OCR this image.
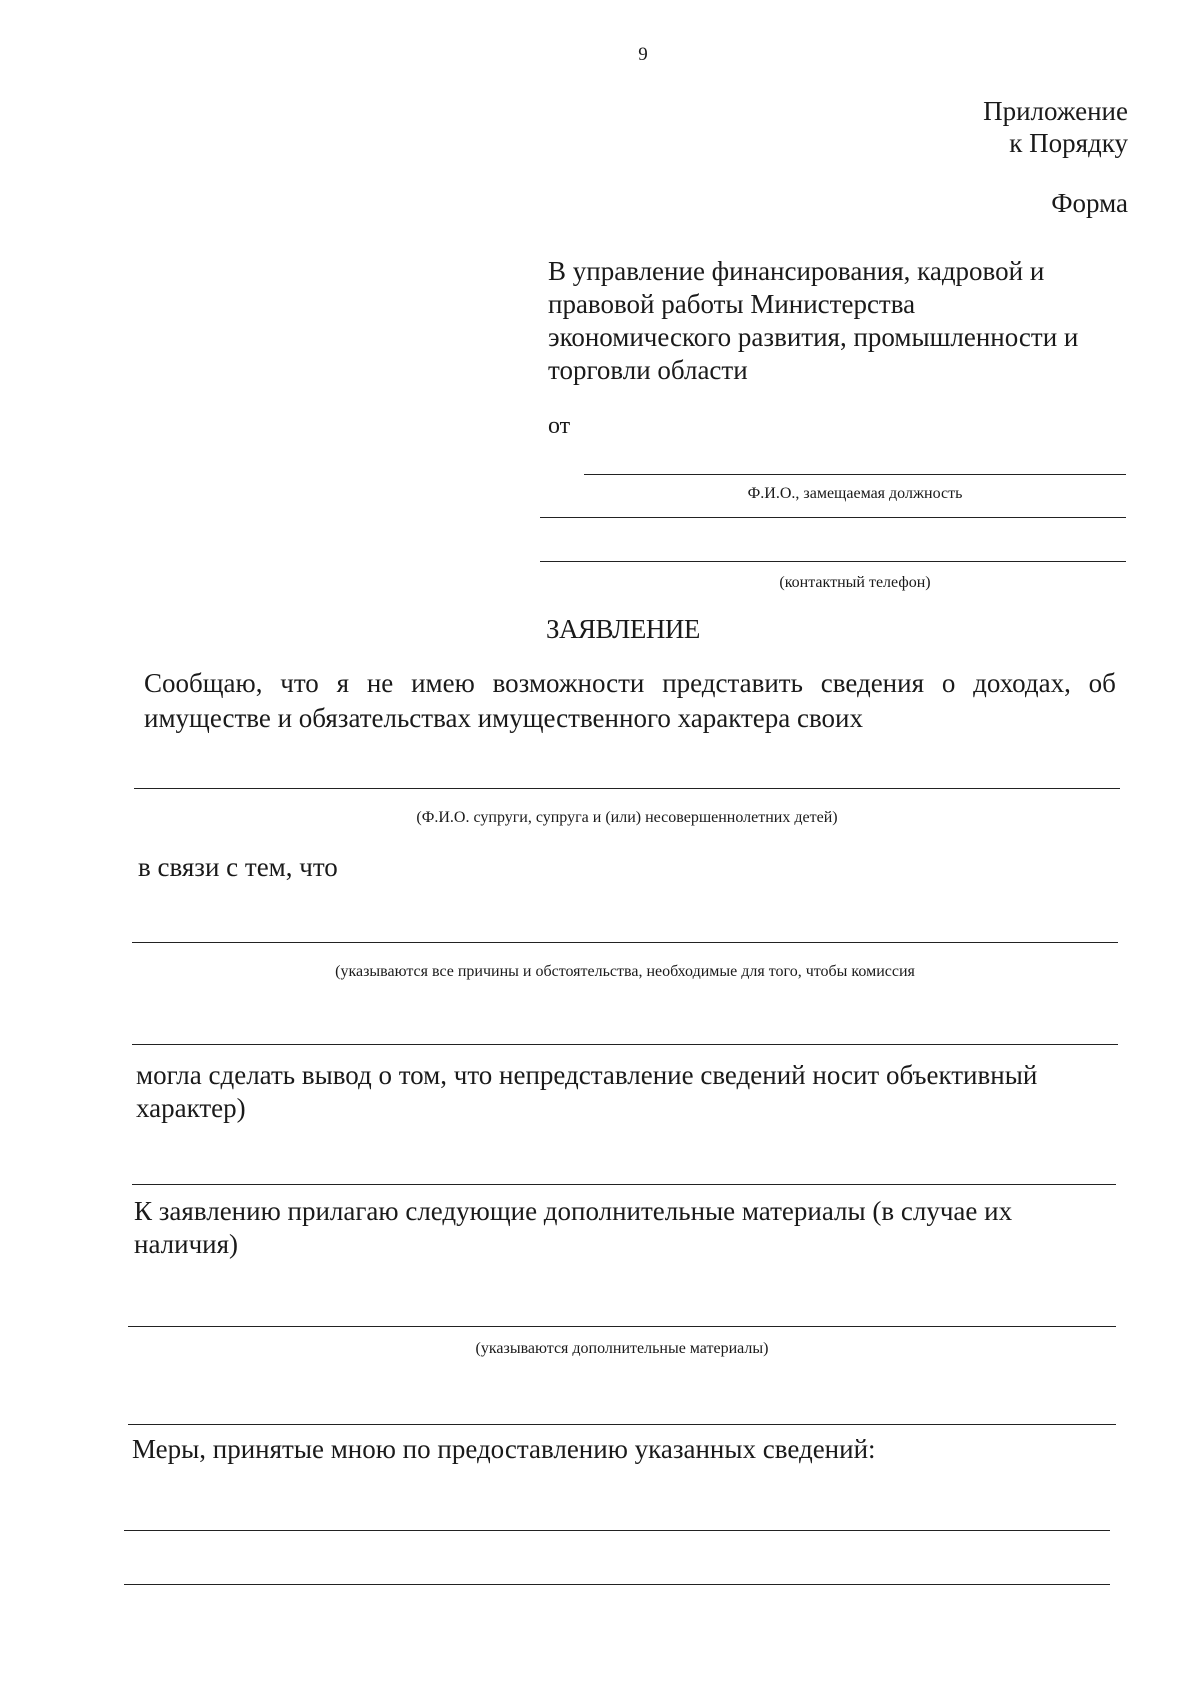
9
Приложение
к Порядку
Форма
В управление финансирования, кадровой и
правовой работы Министерства
экономического развития, промышленности и
торговли области
от
Ф.И.О., замещаемая должность
(контактный телефон)
ЗАЯВЛЕНИЕ
Сообщаю, что я не имею возможности представить сведения о доходах, об
имуществе и обязательствах имущественного характера своих
(Ф.И.О. супруги, супруга и (или) несовершеннолетних детей)
в связи с тем, что
(указываются все причины и обстоятельства, необходимые для того, чтобы комиссия
могла сделать вывод о том, что непредставление сведений носит объективный
характер)
К заявлению прилагаю следующие дополнительные материалы (в случае их
наличия)
(указываются дополнительные материалы)
Меры, принятые мною по предоставлению указанных сведений:
